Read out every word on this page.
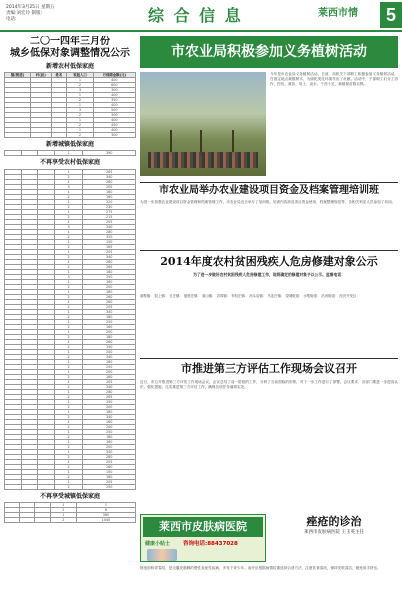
2014年3月25日 星期五
责编:刘宏玲 制版:
电话:	综 合 信 息	莱西市情	5
二〇一四年三月份
城乡低保对象调整情况公示
新增农村低保家庭
镇(街道)	村(居)	姓名	家庭人口	月保障金额(元)
			1	400
			2	600
			3	300
			1	400
			2	350
			1	400
			3	500
			2	300
			1	400
			2	450
			1	400
			2	300
新增城镇低保家庭
			1	390
不再享受农村低保家庭
			1	265
			2	340
			1	280
			3	205
			1	180
			2	160
			1	120
			2	230
			1	275
			2	215
			1	205
			3	340
			1	280
			2	320
			1	150
			2	165
			1	205
			2	340
			1	280
			2	265
			1	180
			3	250
			1	160
			2	200
			1	180
			2	260
			1	280
			2	205
			1	340
			2	180
			1	250
			2	160
			1	200
			2	180
			1	260
			2	150
			1	200
			2	340
			1	180
			2	250
			1	200
			2	160
			1	205
			2	340
			1	280
			2	265
			1	150
			2	200
			1	180
			2	340
			1	160
			2	200
			1	250
			2	180
			1	160
			2	200
			1	340
			2	280
			1	205
			2	260
			1	150
			2	180
			1	205
			2	250
不再享受城镇低保家庭
			1	1
			2	6
			1	380
			2	1040
市农业局积极参加义务植树活动
今年是市农业局义务植树活动。日前，局机关干部职工积极参加义务植树活动，在指定地点栽植树木，为绿化美化环境作出了贡献。活动中，干部职工们分工协作，挖坑、栽苗、培土、浇水，干劲十足，栽植树苗数百株。
市农业局举办农业建设项目资金及档案管理培训班
为进一步加强农业建设项目资金管理和档案管理工作，市农业局近日举办了培训班。培训内容涉及项目资金使用、档案整理规范等，各相关科室人员参加了培训。
2014年度农村贫困残疾人危房修建对象公示
为了进一步做好农村贫困残疾人危房修建工作，现将确定的修建对象予以公示。监督电话：
南墅镇： 院上镇： 日庄镇： 夏格庄镇： 姜山镇： 店埠镇： 李权庄镇： 河头店镇： 马连庄镇： 望城街道： 水集街道： 沽河街道： 经济开发区：
市推进第三方评估工作现场会议召开
近日，市召开推进第三方评估工作现场会议。会议总结了前一阶段的工作，分析了当前面临的形势，对下一步工作进行了部署。会议要求，各部门要进一步提高认识，强化措施，扎实推进第三方评估工作，确保各项任务落到实处。
莱西市皮肤病医院
健康小贴士 咨询电话:88437028
痤疮的诊治
莱西市皮肤病医院 王玉英主任
痤疮俗称青春痘，是毛囊皮脂腺的慢性炎症性疾病，多发于青少年。治疗应根据病情轻重选择合适方法，注意饮食清淡，保持皮肤清洁，避免用手挤压。
